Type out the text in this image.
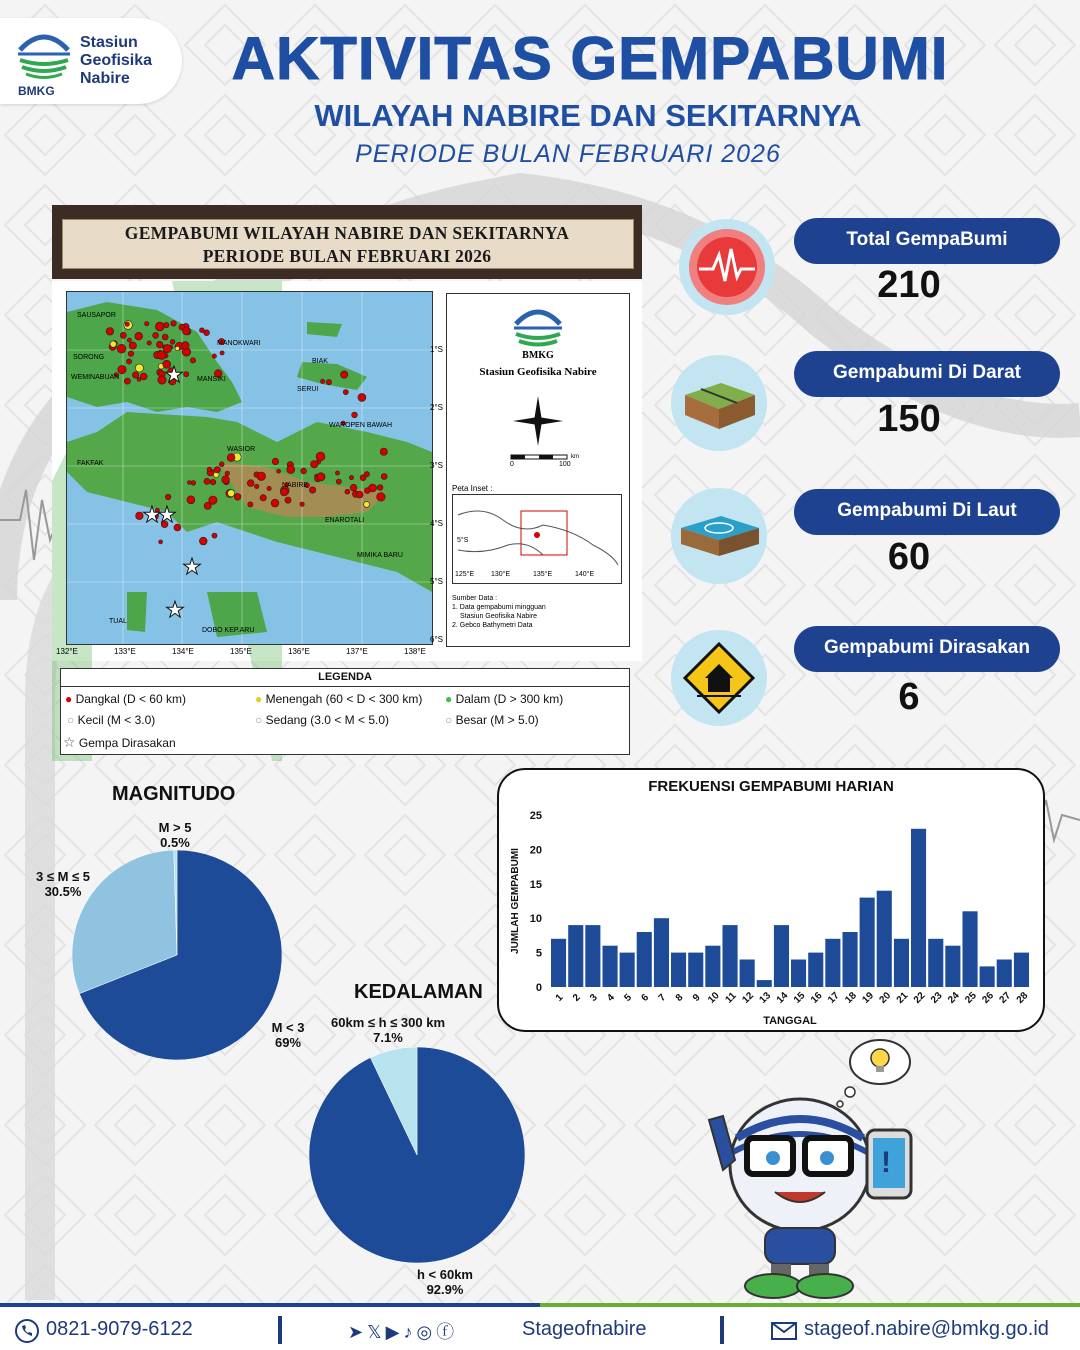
Stasiun
Geofisika
Nabire
BMKG	AKTIVITAS GEMPABUMI
WILAYAH NABIRE DAN SEKITARNYA
PERIODE BULAN FEBRUARI 2026
GEMPABUMI WILAYAH NABIRE DAN SEKITARNYA
PERIODE BULAN FEBRUARI 2026
★
★
★
★
★
SAUSAPOR
MANOKWARI
BIAK
SORONG
MANSIKI
WEMINABUAN
SERUI
WAROPEN BAWAH
FAKFAK
WASIOR
ENAROTALI
MIMIKA BARU
TUAL
DOBO KEP.ARU
NABIRE
132°E	133°E	134°E	135°E	136°E	137°E	138°E
1°S
2°S
3°S
4°S
5°S
6°S
BMKG
Stasiun Geofisika Nabire
0	100
km
Peta Inset :
5°S
125°E 130°E	135°E	140°E
Sumber Data :
1. Data gempabumi mingguan
Stasiun Geofisika Nabire
2. Gebco Bathymetri Data
LEGENDA
● Dangkal (D < 60 km)	● Menengah (60 < D < 300 km) ● Dalam (D > 300 km)
○ Kecil (M < 3.0)	○ Sedang (3.0 < M < 5.0)	○ Besar (M > 5.0)
☆ Gempa Dirasakan
Total GempaBumi
210
Gempabumi Di Darat
150
Gempabumi Di Laut
60
Gempabumi Dirasakan
6
MAGNITUDO
M > 5
0.5%
3 ≤ M ≤ 5
30.5%
M < 3
69%
KEDALAMAN
60km ≤ h ≤ 300 km
7.1%
h < 60km
92.9%
FREKUENSI GEMPABUMI HARIAN
0
5
10
15
20
25
1 2 3 4 5 6 7 8 9 10 11 12 13 14 15 16 17 18 19 20 21 22 23 24 25 26 27 28
TANGGAL
JUMLAH GEMPABUMI
!
0821-9079-6122	➤𝕏▶♪◎ⓕ	Stageofnabire	stageof.nabire@bmkg.go.id
